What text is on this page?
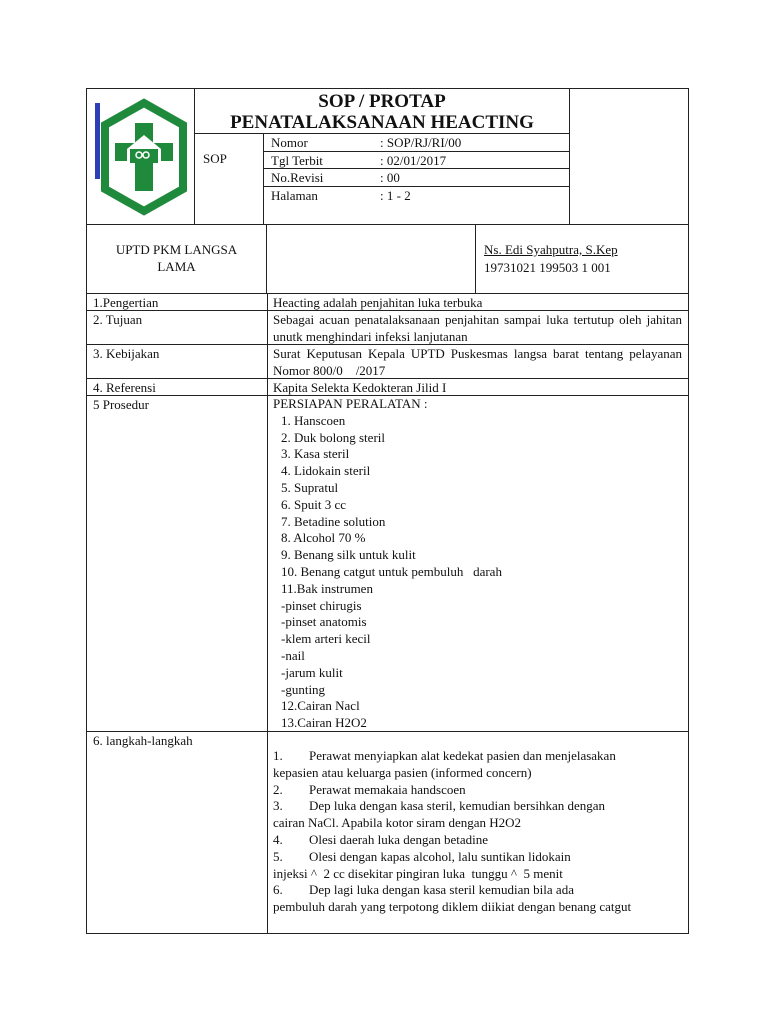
SOP / PROTAP
PENATALAKSANAAN HEACTING
SOP
Nomor	: SOP/RJ/RI/00
Tgl Terbit	: 02/01/2017
No.Revisi	: 00
Halaman	: 1 - 2
UPTD PKM LANGSA LAMA
Ns. Edi Syahputra, S.Kep
19731021 199503 1 001
1.Pengertian	Heacting adalah penjahitan luka terbuka
2. Tujuan	Sebagai acuan penatalaksanaan penjahitan sampai luka tertutup oleh jahitan unutk menghindari infeksi lanjutanan
3. Kebijakan	Surat Keputusan Kepala UPTD Puskesmas langsa barat tentang pelayanan Nomor 800/0    /2017
4. Referensi	Kapita Selekta Kedokteran Jilid I
5 Prosedur	PERSIAPAN PERALATAN :
1. Hanscoen
2. Duk bolong steril
3. Kasa steril
4. Lidokain steril
5. Supratul
6. Spuit 3 cc
7. Betadine solution
8. Alcohol 70 %
9. Benang silk untuk kulit
10. Benang catgut untuk pembuluh   darah
11.Bak instrumen
-pinset chirugis
-pinset anatomis
-klem arteri kecil
-nail
-jarum kulit
-gunting
12.Cairan Nacl
13.Cairan H2O2
6. langkah-langkah
1. Perawat menyiapkan alat kedekat pasien dan menjelasakan
kepasien atau keluarga pasien (informed concern)
2. Perawat memakaia handscoen
3. Dep luka dengan kasa steril, kemudian bersihkan dengan
cairan NaCl. Apabila kotor siram dengan H2O2
4. Olesi daerah luka dengan betadine
5. Olesi dengan kapas alcohol, lalu suntikan lidokain
injeksi ^  2 cc disekitar pingiran luka  tunggu ^  5 menit
6. Dep lagi luka dengan kasa steril kemudian bila ada
pembuluh darah yang terpotong diklem diikiat dengan benang catgut
